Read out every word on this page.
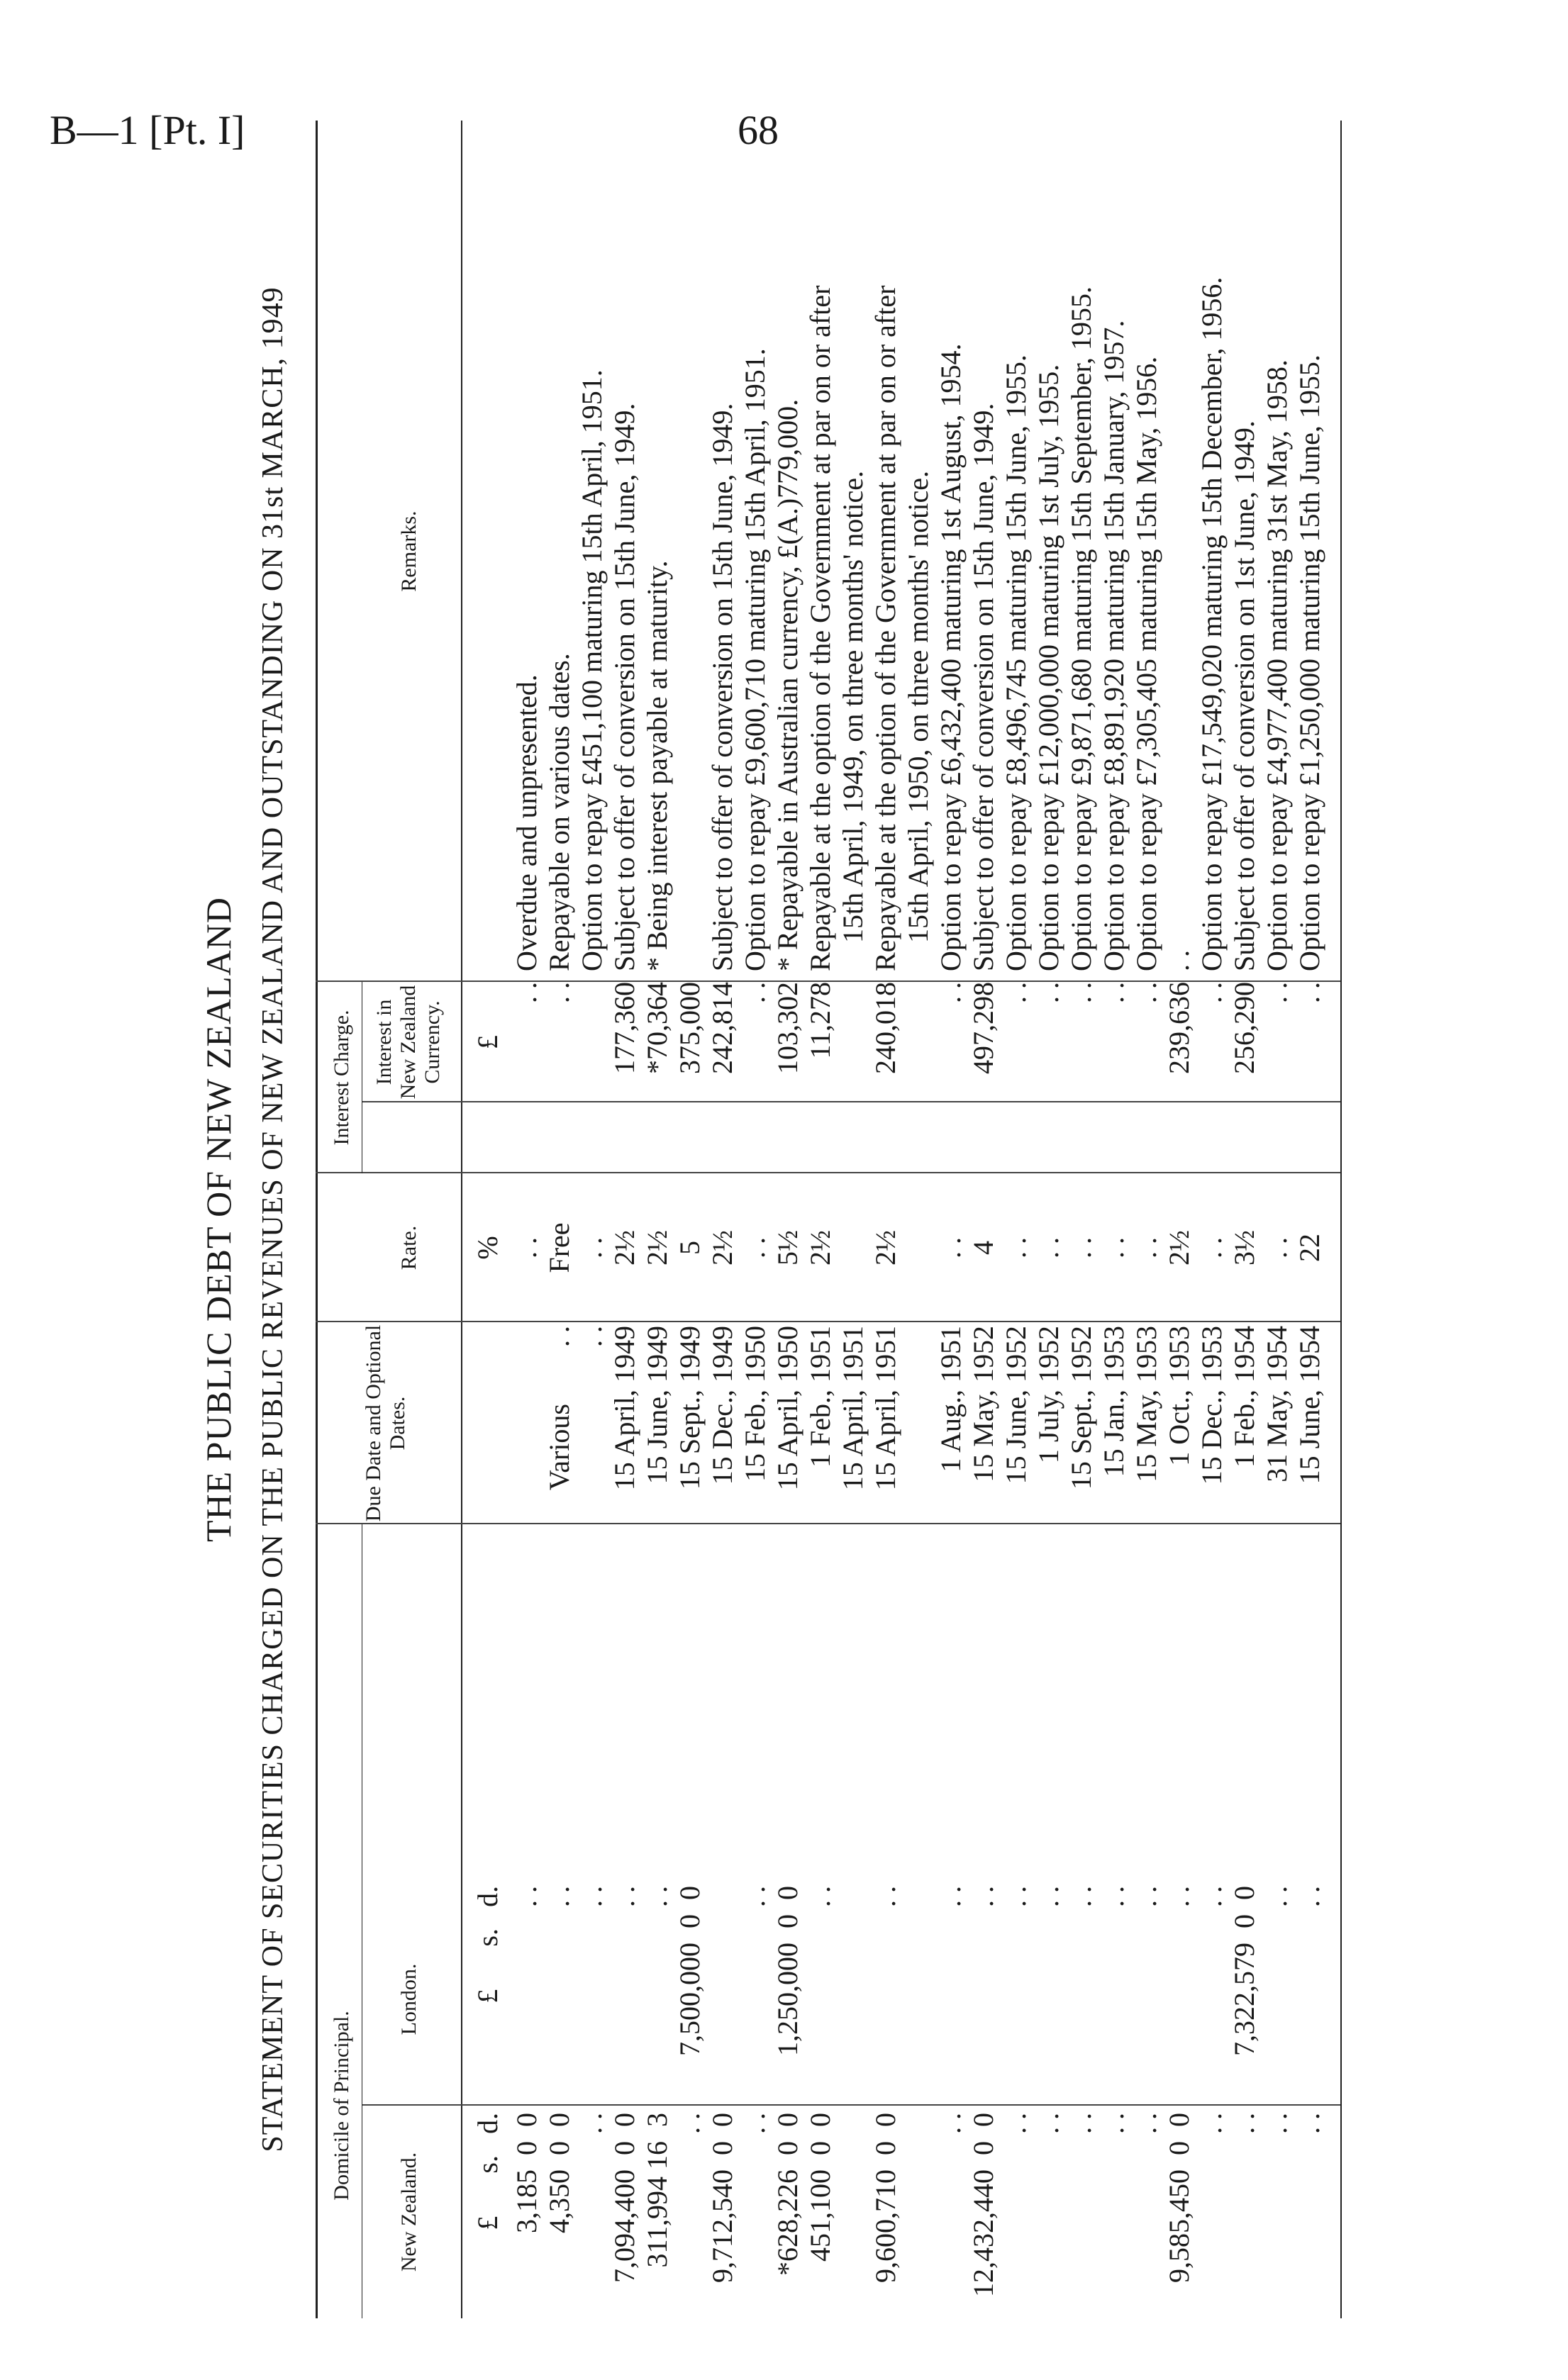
B—1 [Pt. I]	68
THE PUBLIC DEBT OF NEW ZEALAND STATEMENT OF SECURITIES CHARGED ON THE PUBLIC REVENUES OF NEW ZEALAND AND OUTSTANDING ON 31st MARCH, 1949 Domicile of Principal.
Interest Charge.
New Zealand.
London.
Due Date and Optional Dates.
Rate.
Interest in New Zealand Currency.
Remarks.
£      s.   d.
£      s.   d.
%
£
3,185  0  0
. .
. .
. .
Overdue and unpresented.
4,350  0  0
. .
Various        . .
Free
. .
Repayable on various dates.
. .
. .
. .
. .
Option to repay £451,100 maturing 15th April, 1951.
7,094,400  0  0
. .
15 April, 1949
2½
177,360
Subject to offer of conversion on 15th June, 1949.
311,994 16  3
. .
15 June, 1949
2½
*70,364
* Being interest payable at maturity.
. .
7,500,000  0  0
15 Sept., 1949
5
375,000
9,712,540  0  0
15 Dec., 1949
2½
242,814
Subject to offer of conversion on 15th June, 1949.
. .
. .
15 Feb., 1950
. .
. .
Option to repay £9,600,710 maturing 15th April, 1951.
*628,226  0  0
1,250,000  0  0
15 April, 1950
5½
103,302
* Repayable in Australian currency, £(A.)779,000.
451,100  0  0
. .
1 Feb., 1951
2½
11,278
Repayable at the option of the Government at par on or after
15 April, 1951
15th April, 1949, on three months' notice.
9,600,710  0  0
. .
15 April, 1951
2½
240,018
Repayable at the option of the Government at par on or after 15th April, 1950, on three months' notice.
. .
. .
1 Aug., 1951
. .
. .
Option to repay £6,432,400 maturing 1st August, 1954.
12,432,440  0  0
. .
15 May, 1952
4
497,298
Subject to offer of conversion on 15th June, 1949.
. .
. .
15 June, 1952
. .
. .
Option to repay £8,496,745 maturing 15th June, 1955.
. .
. .
1 July, 1952
. .
. .
Option to repay £12,000,000 maturing 1st July, 1955.
. .
. .
15 Sept., 1952
. .
. .
Option to repay £9,871,680 maturing 15th September, 1955.
. .
. .
15 Jan., 1953
. .
. .
Option to repay £8,891,920 maturing 15th January, 1957.
. .
. .
15 May, 1953
. .
. .
Option to repay £7,305,405 maturing 15th May, 1956.
9,585,450  0  0
. .
1 Oct., 1953
2½
239,636
. .
. .
. .
15 Dec., 1953
. .
. .
Option to repay £17,549,020 maturing 15th December, 1956.
. .
7,322,579  0  0
1 Feb., 1954
3½
256,290
Subject to offer of conversion on 1st June, 1949.
. .
. .
31 May, 1954
. .
. .
Option to repay £4,977,400 maturing 31st May, 1958.
. .
. .
15 June, 1954
22
. .
Option to repay £1,250,000 maturing 15th June, 1955.
